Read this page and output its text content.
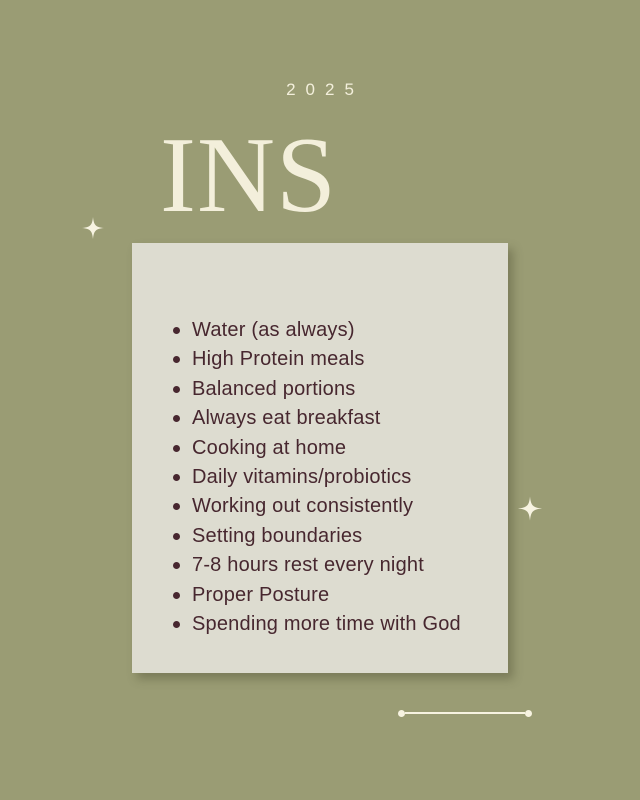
2025
INS
Water (as always)
High Protein meals
Balanced portions
Always eat breakfast
Cooking at home
Daily vitamins/probiotics
Working out consistently
Setting boundaries
7-8 hours rest every night
Proper Posture
Spending more time with God
